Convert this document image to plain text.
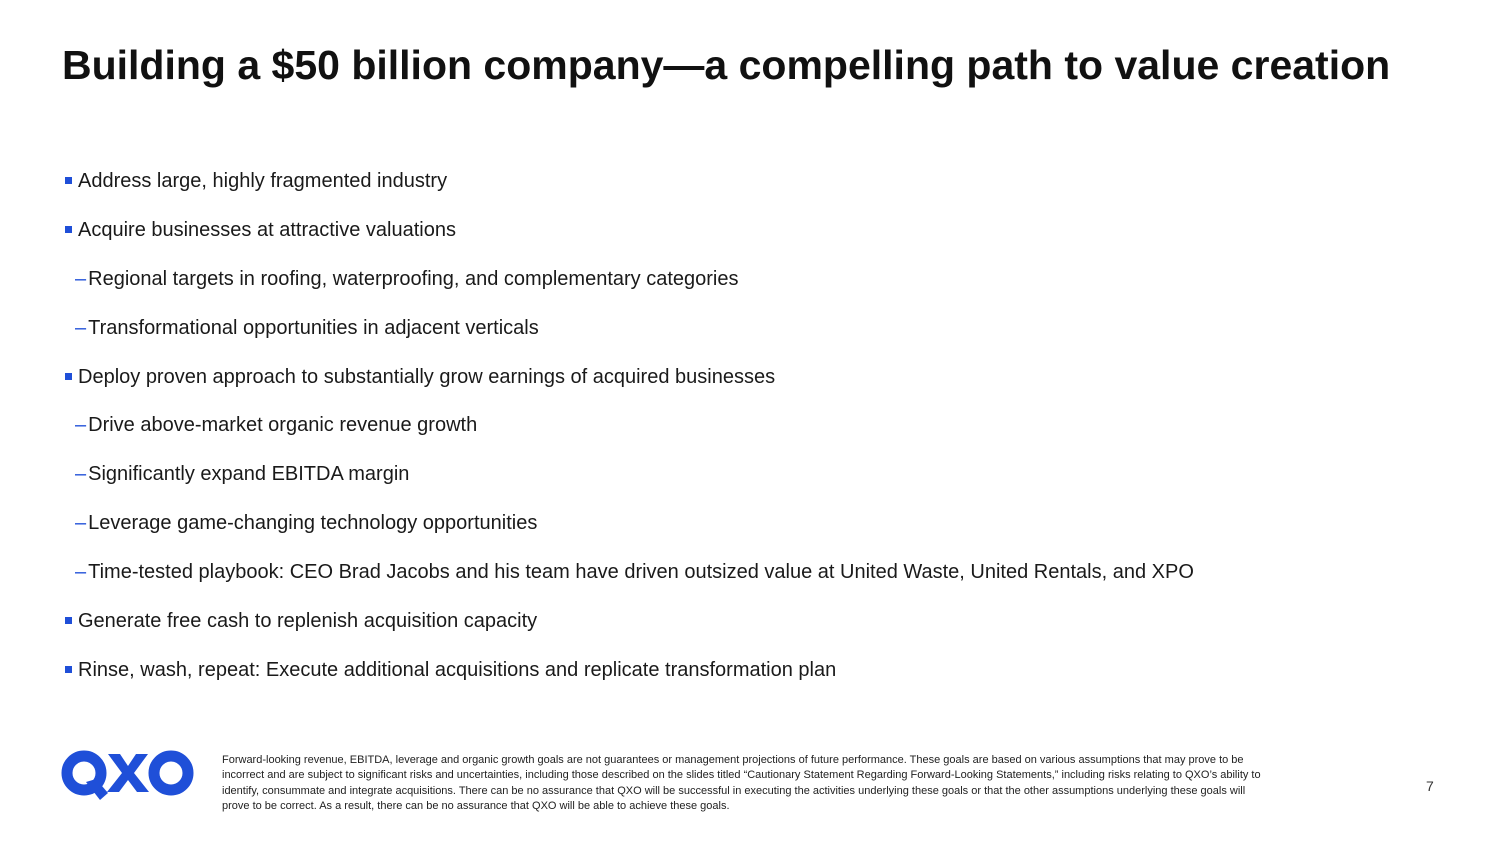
Building a $50 billion company—a compelling path to value creation
Address large, highly fragmented industry
Acquire businesses at attractive valuations
– Regional targets in roofing, waterproofing, and complementary categories
– Transformational opportunities in adjacent verticals
Deploy proven approach to substantially grow earnings of acquired businesses
– Drive above-market organic revenue growth
– Significantly expand EBITDA margin
– Leverage game-changing technology opportunities
– Time-tested playbook: CEO Brad Jacobs and his team have driven outsized value at United Waste, United Rentals, and XPO
Generate free cash to replenish acquisition capacity
Rinse, wash, repeat: Execute additional acquisitions and replicate transformation plan

Forward-looking revenue, EBITDA, leverage and organic growth goals are not guarantees or management projections of future performance. These goals are based on various assumptions that may prove to be incorrect and are subject to significant risks and uncertainties, including those described on the slides titled “Cautionary Statement Regarding Forward-Looking Statements,” including risks relating to QXO’s ability to identify, consummate and integrate acquisitions. There can be no assurance that QXO will be successful in executing the activities underlying these goals or that the other assumptions underlying these goals will prove to be correct. As a result, there can be no assurance that QXO will be able to achieve these goals.

7
